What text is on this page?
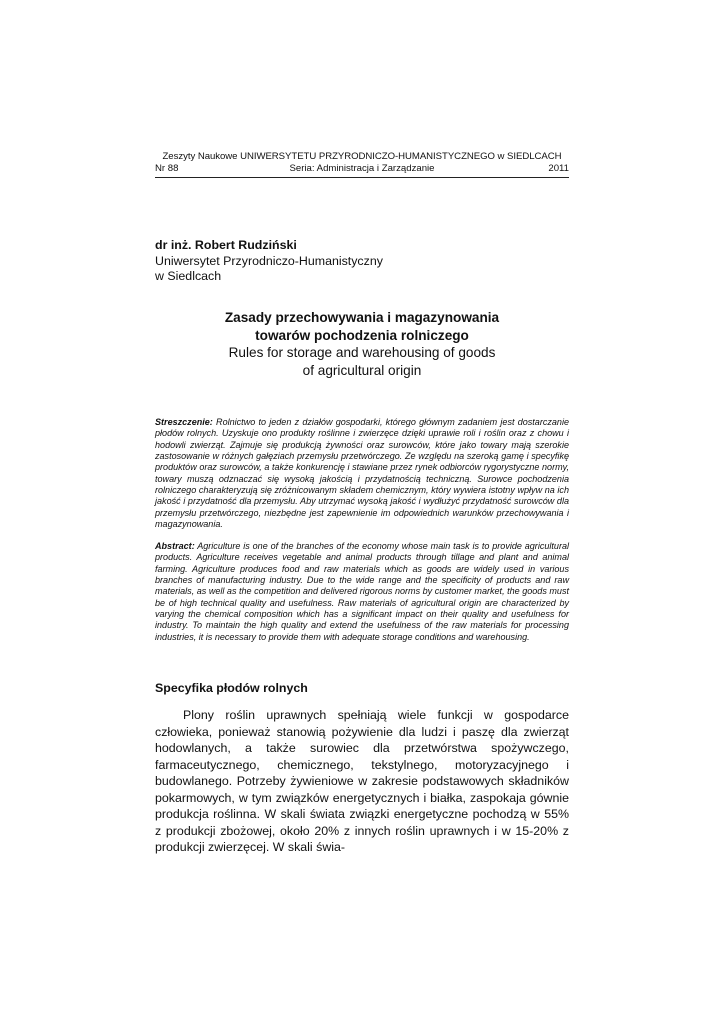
Zeszyty Naukowe UNIWERSYTETU PRZYRODNICZO-HUMANISTYCZNEGO w SIEDLCACH
Nr 88	Seria: Administracja i Zarządzanie	2011
dr inż. Robert Rudziński
Uniwersytet Przyrodniczo-Humanistyczny
w Siedlcach
Zasady przechowywania i magazynowania
towarów pochodzenia rolniczego
Rules for storage and warehousing of goods
of agricultural origin
Streszczenie: Rolnictwo to jeden z działów gospodarki, którego głównym zadaniem jest dostarczanie płodów rolnych. Uzyskuje ono produkty roślinne i zwierzęce dzięki uprawie roli i roślin oraz z chowu i hodowli zwierząt. Zajmuje się produkcją żywności oraz surowców, które jako towary mają szerokie zastosowanie w różnych gałęziach przemysłu przetwórczego. Ze względu na szeroką gamę i specyfikę produktów oraz surowców, a także konkurencję i stawiane przez rynek odbiorców rygorystyczne normy, towary muszą odznaczać się wysoką jakością i przydatnością techniczną. Surowce pochodzenia rolniczego charakteryzują się zróżnicowanym składem chemicznym, który wywiera istotny wpływ na ich jakość i przydatność dla przemysłu. Aby utrzymać wysoką jakość i wydłużyć przydatność surowców dla przemysłu przetwórczego, niezbędne jest zapewnienie im odpowiednich warunków przechowywania i magazynowania.
Abstract: Agriculture is one of the branches of the economy whose main task is to provide agricultural products. Agriculture receives vegetable and animal products through tillage and plant and animal farming. Agriculture produces food and raw materials which as goods are widely used in various branches of manufacturing industry. Due to the wide range and the specificity of products and raw materials, as well as the competition and delivered rigorous norms by customer market, the goods must be of high technical quality and usefulness. Raw materials of agricultural origin are characterized by varying the chemical composition which has a significant impact on their quality and usefulness for industry. To maintain the high quality and extend the usefulness of the raw materials for processing industries, it is necessary to provide them with adequate storage conditions and warehousing.
Specyfika płodów rolnych
Plony roślin uprawnych spełniają wiele funkcji w gospodarce człowieka, ponieważ stanowią pożywienie dla ludzi i paszę dla zwierząt hodowlanych, a także surowiec dla przetwórstwa spożywczego, farmaceutycznego, chemicznego, tekstylnego, motoryzacyjnego i budowlanego. Potrzeby żywieniowe w zakresie podstawowych składników pokarmowych, w tym związków energetycznych i białka, zaspokaja gównie produkcja roślinna. W skali świata związki energetyczne pochodzą w 55% z produkcji zbożowej, około 20% z innych roślin uprawnych i w 15-20% z produkcji zwierzęcej. W skali świa-
